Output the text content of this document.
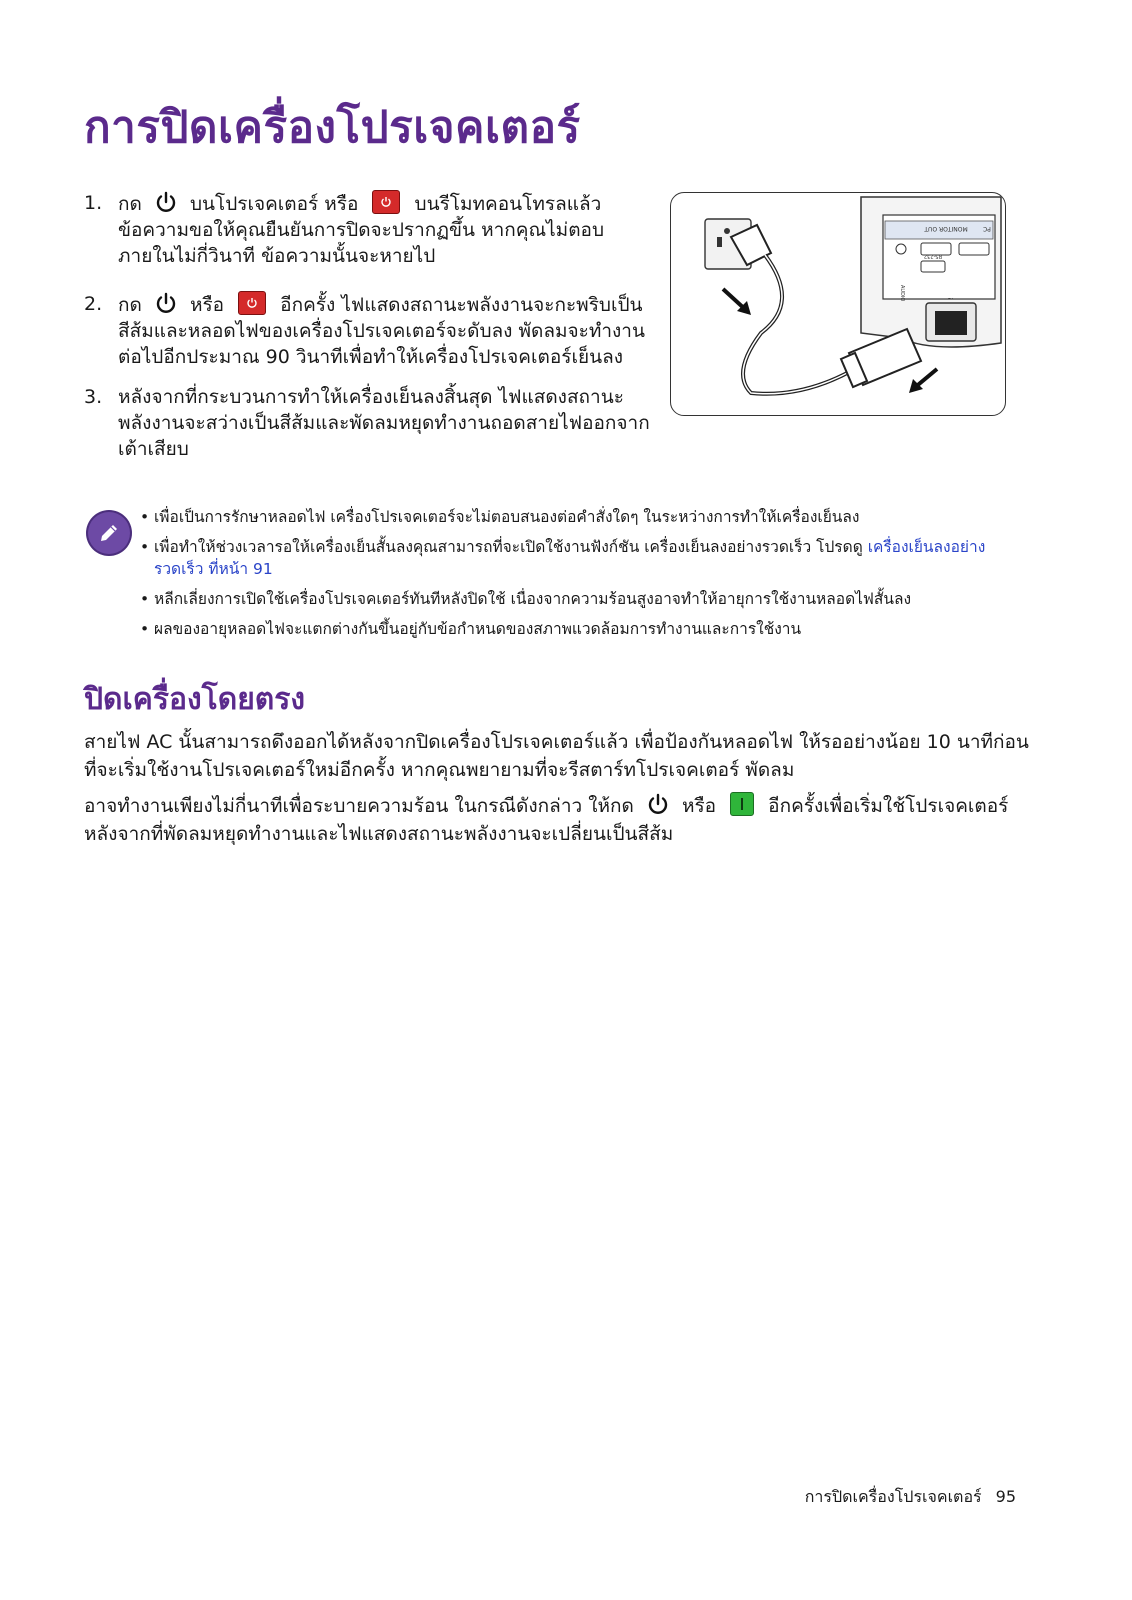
การปิดเครื่องโปรเจคเตอร์
1. กด	บนโปรเจคเตอร์ หรือ	บนรีโมทคอนโทรลแล้ว ข้อความขอให้คุณยืนยันการปิดจะปรากฏขึ้น หากคุณไม่ตอบภายในไม่กี่วินาที ข้อความนั้นจะหายไป
2. กด	หรือ	อีกครั้ง ไฟแสดงสถานะพลังงานจะกะพริบเป็นสีส้มและหลอดไฟของเครื่องโปรเจคเตอร์จะดับลง พัดลมจะทำงานต่อไปอีกประมาณ 90 วินาทีเพื่อทำให้เครื่องโปรเจคเตอร์เย็นลง
3. หลังจากที่กระบวนการทำให้เครื่องเย็นลงสิ้นสุด ไฟแสดงสถานะพลังงานจะสว่างเป็นสีส้มและพัดลมหยุดทำงานถอดสายไฟออกจากเต้าเสียบ
MONITOR OUT	PC
RS-232
AUDIO	~
• เพื่อเป็นการรักษาหลอดไฟ เครื่องโปรเจคเตอร์จะไม่ตอบสนองต่อคำสั่งใดๆ ในระหว่างการทำให้เครื่องเย็นลง
• เพื่อทำให้ช่วงเวลารอให้เครื่องเย็นสั้นลงคุณสามารถที่จะเปิดใช้งานฟังก์ชัน เครื่องเย็นลงอย่างรวดเร็ว โปรดดู เครื่องเย็นลงอย่างรวดเร็ว ที่หน้า 91
• หลีกเลี่ยงการเปิดใช้เครื่องโปรเจคเตอร์ทันทีหลังปิดใช้ เนื่องจากความร้อนสูงอาจทำให้อายุการใช้งานหลอดไฟสั้นลง
• ผลของอายุหลอดไฟจะแตกต่างกันขึ้นอยู่กับข้อกำหนดของสภาพแวดล้อมการทำงานและการใช้งาน
ปิดเครื่องโดยตรง

สายไฟ AC นั้นสามารถดึงออกได้หลังจากปิดเครื่องโปรเจคเตอร์แล้ว เพื่อป้องกันหลอดไฟ ให้รออย่างน้อย 10 นาทีก่อนที่จะเริ่มใช้งานโปรเจคเตอร์ใหม่อีกครั้ง หากคุณพยายามที่จะรีสตาร์ทโปรเจคเตอร์ พัดลม

อาจทำงานเพียงไม่กี่นาทีเพื่อระบายความร้อน ในกรณีดังกล่าว ให้กด	หรือ	อีกครั้งเพื่อเริ่มใช้โปรเจคเตอร์หลังจากที่พัดลมหยุดทำงานและไฟแสดงสถานะพลังงานจะเปลี่ยนเป็นสีส้ม

การปิดเครื่องโปรเจคเตอร์ 95
